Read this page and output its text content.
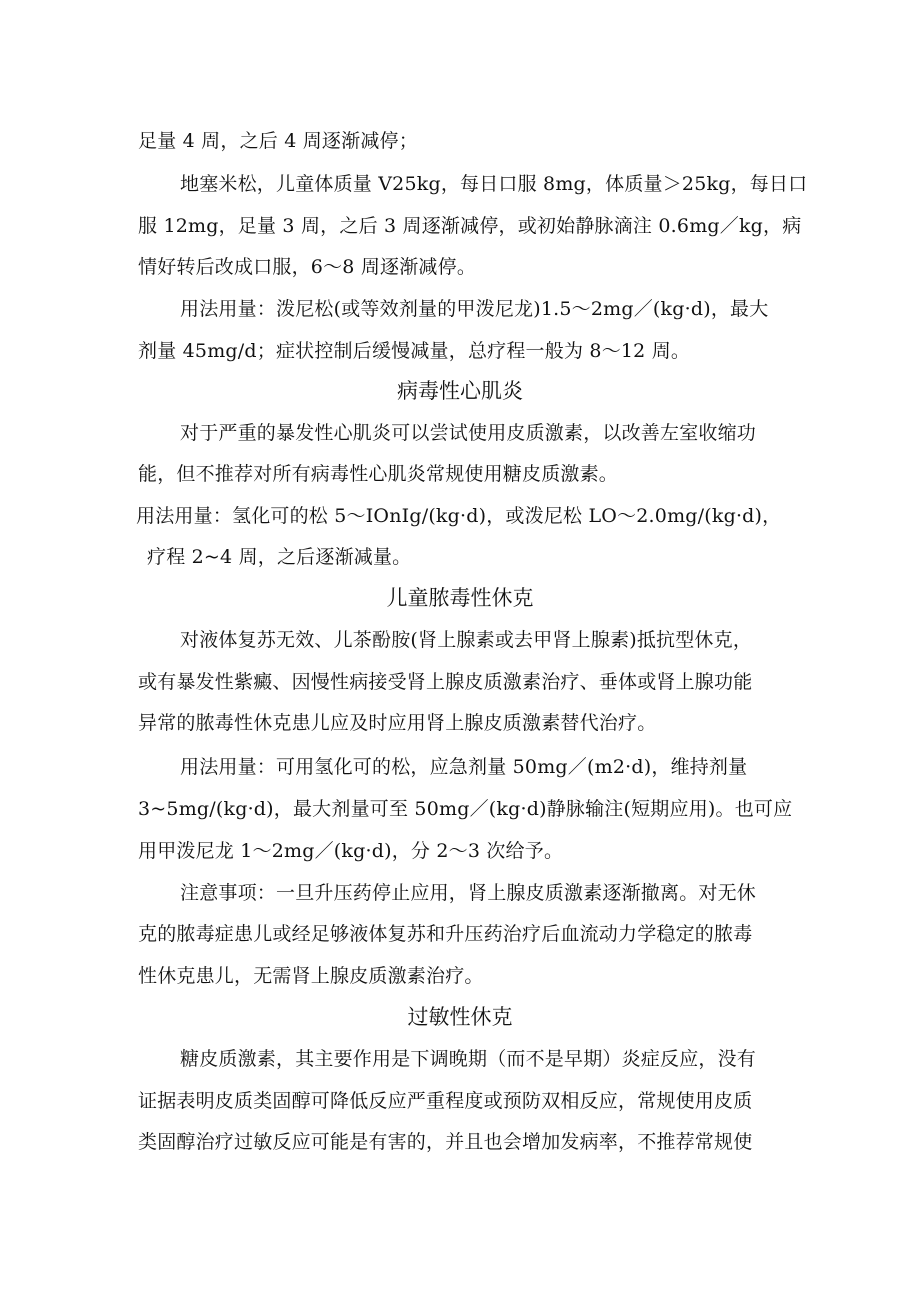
足量 4 周，之后 4 周逐渐减停；
地塞米松，儿童体质量 V25kg，每日口服 8mg，体质量＞25kg，每日口
服 12mg，足量 3 周，之后 3 周逐渐减停，或初始静脉滴注 0.6mg／kg，病
情好转后改成口服，6～8 周逐渐减停。
用法用量：泼尼松(或等效剂量的甲泼尼龙)1.5～2mg／(kg·d)，最大
剂量 45mg/d；症状控制后缓慢减量，总疗程一般为 8～12 周。
病毒性心肌炎
对于严重的暴发性心肌炎可以尝试使用皮质激素，以改善左室收缩功
能，但不推荐对所有病毒性心肌炎常规使用糖皮质激素。
用法用量：氢化可的松 5～IOnIg/(kg·d)，或泼尼松 LO～2.0mg/(kg·d)，
疗程 2~4 周，之后逐渐减量。
儿童脓毒性休克
对液体复苏无效、儿茶酚胺(肾上腺素或去甲肾上腺素)抵抗型休克，
或有暴发性紫癜、因慢性病接受肾上腺皮质激素治疗、垂体或肾上腺功能
异常的脓毒性休克患儿应及时应用肾上腺皮质激素替代治疗。
用法用量：可用氢化可的松，应急剂量 50mg／(m2·d)，维持剂量
3~5mg/(kg·d)，最大剂量可至 50mg／(kg·d)静脉输注(短期应用)。也可应
用甲泼尼龙 1～2mg／(kg·d)，分 2～3 次给予。
注意事项：一旦升压药停止应用，肾上腺皮质激素逐渐撤离。对无休
克的脓毒症患儿或经足够液体复苏和升压药治疗后血流动力学稳定的脓毒
性休克患儿，无需肾上腺皮质激素治疗。
过敏性休克
糖皮质激素，其主要作用是下调晚期（而不是早期）炎症反应，没有
证据表明皮质类固醇可降低反应严重程度或预防双相反应，常规使用皮质
类固醇治疗过敏反应可能是有害的，并且也会增加发病率，不推荐常规使
